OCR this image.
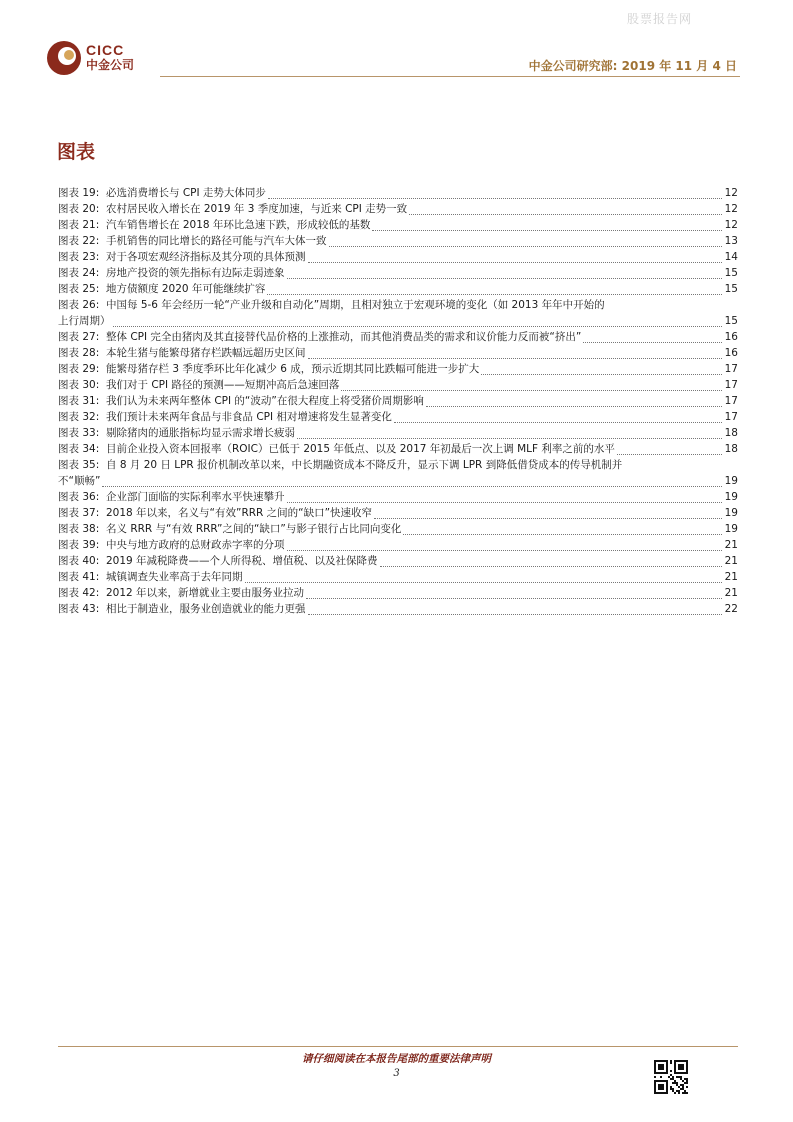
股票报告网
CICC
中金公司	中金公司研究部: 2019 年 11 月 4 日
图表
图表 19: 必选消费增长与 CPI 走势大体同步	12
图表 20: 农村居民收入增长在 2019 年 3 季度加速，与近来 CPI 走势一致	12
图表 21: 汽车销售增长在 2018 年环比急速下跌，形成较低的基数	12
图表 22: 手机销售的同比增长的路径可能与汽车大体一致	13
图表 23: 对于各项宏观经济指标及其分项的具体预测	14
图表 24: 房地产投资的领先指标有边际走弱迹象	15
图表 25: 地方债额度 2020 年可能继续扩容	15
图表 26: 中国每 5-6 年会经历一轮“产业升级和自动化”周期，且相对独立于宏观环境的变化（如 2013 年年中开始的
上行周期）	15
图表 27: 整体 CPI 完全由猪肉及其直接替代品价格的上涨推动，而其他消费品类的需求和议价能力反而被“挤出”	16
图表 28: 本轮生猪与能繁母猪存栏跌幅远超历史区间	16
图表 29: 能繁母猪存栏 3 季度季环比年化减少 6 成，预示近期其同比跌幅可能进一步扩大	17
图表 30: 我们对于 CPI 路径的预测——短期冲高后急速回落	17
图表 31: 我们认为未来两年整体 CPI 的“波动”在很大程度上将受猪价周期影响	17
图表 32: 我们预计未来两年食品与非食品 CPI 相对增速将发生显著变化	17
图表 33: 剔除猪肉的通胀指标均显示需求增长疲弱	18
图表 34: 目前企业投入资本回报率（ROIC）已低于 2015 年低点、以及 2017 年初最后一次上调 MLF 利率之前的水平	18
图表 35: 自 8 月 20 日 LPR 报价机制改革以来，中长期融资成本不降反升，显示下调 LPR 到降低借贷成本的传导机制并
不“顺畅”	19
图表 36: 企业部门面临的实际利率水平快速攀升	19
图表 37: 2018 年以来，名义与“有效”RRR 之间的“缺口”快速收窄	19
图表 38: 名义 RRR 与“有效 RRR”之间的“缺口”与影子银行占比同向变化	19
图表 39: 中央与地方政府的总财政赤字率的分项	21
图表 40: 2019 年减税降费——个人所得税、增值税、以及社保降费	21
图表 41: 城镇调查失业率高于去年同期	21
图表 42: 2012 年以来，新增就业主要由服务业拉动	21
图表 43: 相比于制造业，服务业创造就业的能力更强	22
请仔细阅读在本报告尾部的重要法律声明
3
